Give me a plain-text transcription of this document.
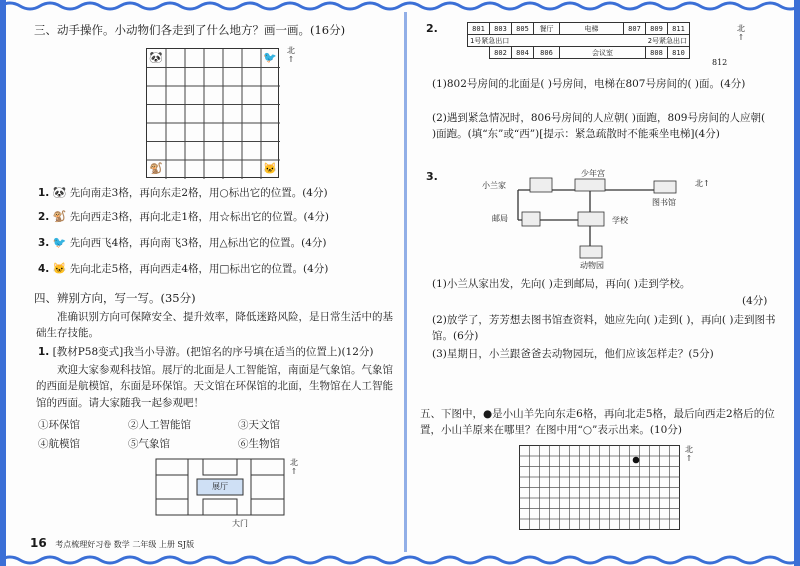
三、动手操作。小动物们各走到了什么地方？画一画。(16分)
🐼	🐦
🐒	🐱
北
↑
1. 🐼 先向南走3格，再向东走2格，用○标出它的位置。(4分)
2. 🐒 先向西走3格，再向北走1格，用☆标出它的位置。(4分)
3. 🐦 先向西飞4格，再向南飞3格，用△标出它的位置。(4分)
4. 🐱 先向北走5格，再向西走4格，用□标出它的位置。(4分)
四、辨别方向，写一写。(35分)
准确识别方向可保障安全、提升效率，降低迷路风险，是日常生活中的基础生存技能。
1. [教材P58变式]我当小导游。(把馆名的序号填在适当的位置上)(12分)
欢迎大家参观科技馆。展厅的北面是人工智能馆，南面是气象馆。气象馆的西面是航模馆，东面是环保馆。天文馆在环保馆的北面，生物馆在人工智能馆的西面。请大家随我一起参观吧！
①环保馆	②人工智能馆	③天文馆
④航模馆	⑤气象馆	⑥生物馆
展厅
大门
北
↑
16 考点梳理好习卷 数学 二年级 上册 SJ版
2.	801	803	805	餐厅	电梯	807	809	811
1号紧急出口 2号紧急出口							

	802	804	806	会议室		808	810
812
北
↑
(1)802号房间的北面是( )号房间，电梯在807号房间的( )面。(4分)
(2)遇到紧急情况时，806号房间的人应朝( )面跑，809号房间的人应朝( )面跑。(填“东”或“西”)[提示：紧急疏散时不能乘坐电梯](4分)
3.
小兰家
少年宫
图书馆
邮局	学校
动物园
北↑
(1)小兰从家出发，先向( )走到邮局，再向( )走到学校。
(4分)
(2)放学了，芳芳想去图书馆查资料，她应先向( )走到( )，再向( )走到图书馆。(6分)
(3)星期日，小兰跟爸爸去动物园玩，他们应该怎样走？(5分)
五、下图中，●是小山羊先向东走6格，再向北走5格，最后向西走2格后的位置，小山羊原来在哪里？在图中用“○”表示出来。(10分)
北
↑
